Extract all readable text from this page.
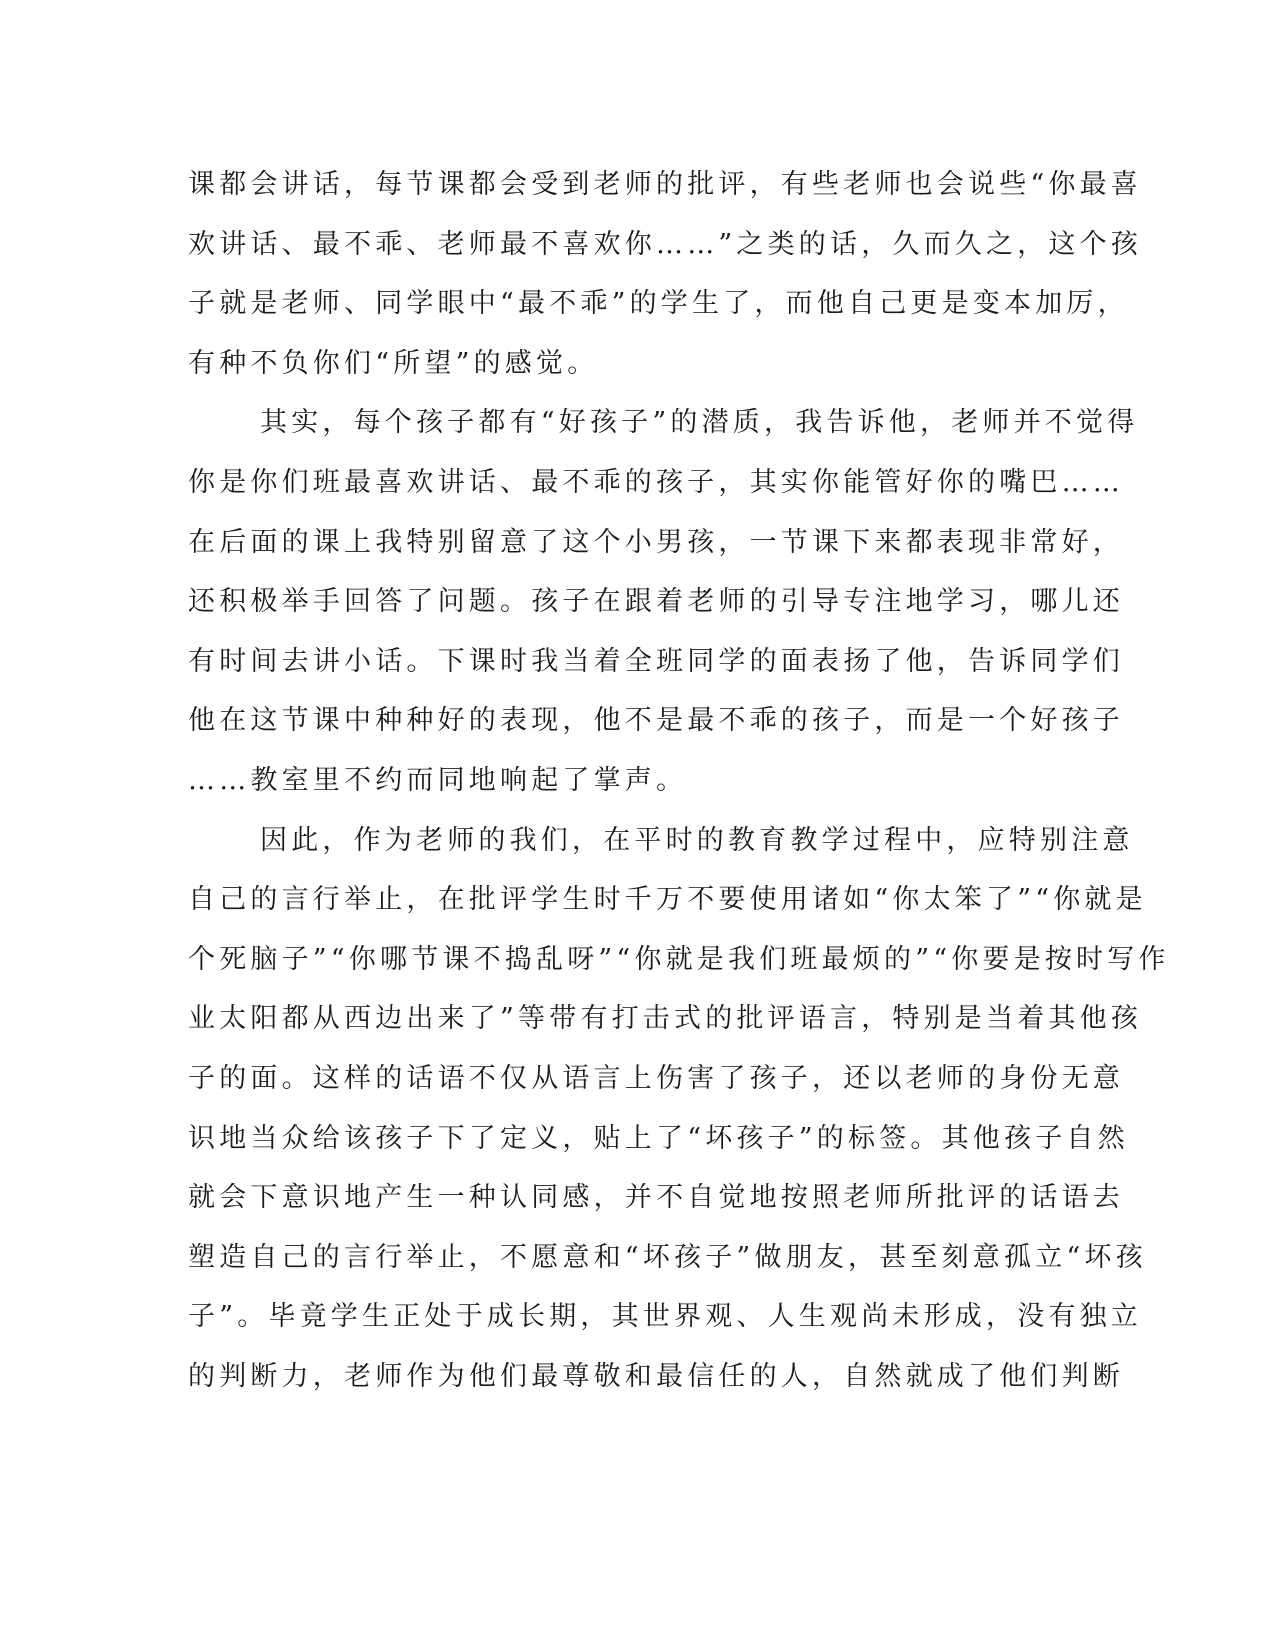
课都会讲话，每节课都会受到老师的批评，有些老师也会说些“你最喜
欢讲话、最不乖、老师最不喜欢你……”之类的话，久而久之，这个孩
子就是老师、同学眼中“最不乖”的学生了，而他自己更是变本加厉，
有种不负你们“所望”的感觉。
其实，每个孩子都有“好孩子”的潜质，我告诉他，老师并不觉得
你是你们班最喜欢讲话、最不乖的孩子，其实你能管好你的嘴巴……
在后面的课上我特别留意了这个小男孩，一节课下来都表现非常好，
还积极举手回答了问题。孩子在跟着老师的引导专注地学习，哪儿还
有时间去讲小话。下课时我当着全班同学的面表扬了他，告诉同学们
他在这节课中种种好的表现，他不是最不乖的孩子，而是一个好孩子
……教室里不约而同地响起了掌声。
因此，作为老师的我们，在平时的教育教学过程中，应特别注意
自己的言行举止，在批评学生时千万不要使用诸如“你太笨了”“你就是
个死脑子”“你哪节课不捣乱呀”“你就是我们班最烦的”“你要是按时写作
业太阳都从西边出来了”等带有打击式的批评语言，特别是当着其他孩
子的面。这样的话语不仅从语言上伤害了孩子，还以老师的身份无意
识地当众给该孩子下了定义，贴上了“坏孩子”的标签。其他孩子自然
就会下意识地产生一种认同感，并不自觉地按照老师所批评的话语去
塑造自己的言行举止，不愿意和“坏孩子”做朋友，甚至刻意孤立“坏孩
子”。毕竟学生正处于成长期，其世界观、人生观尚未形成，没有独立
的判断力，老师作为他们最尊敬和最信任的人，自然就成了他们判断
